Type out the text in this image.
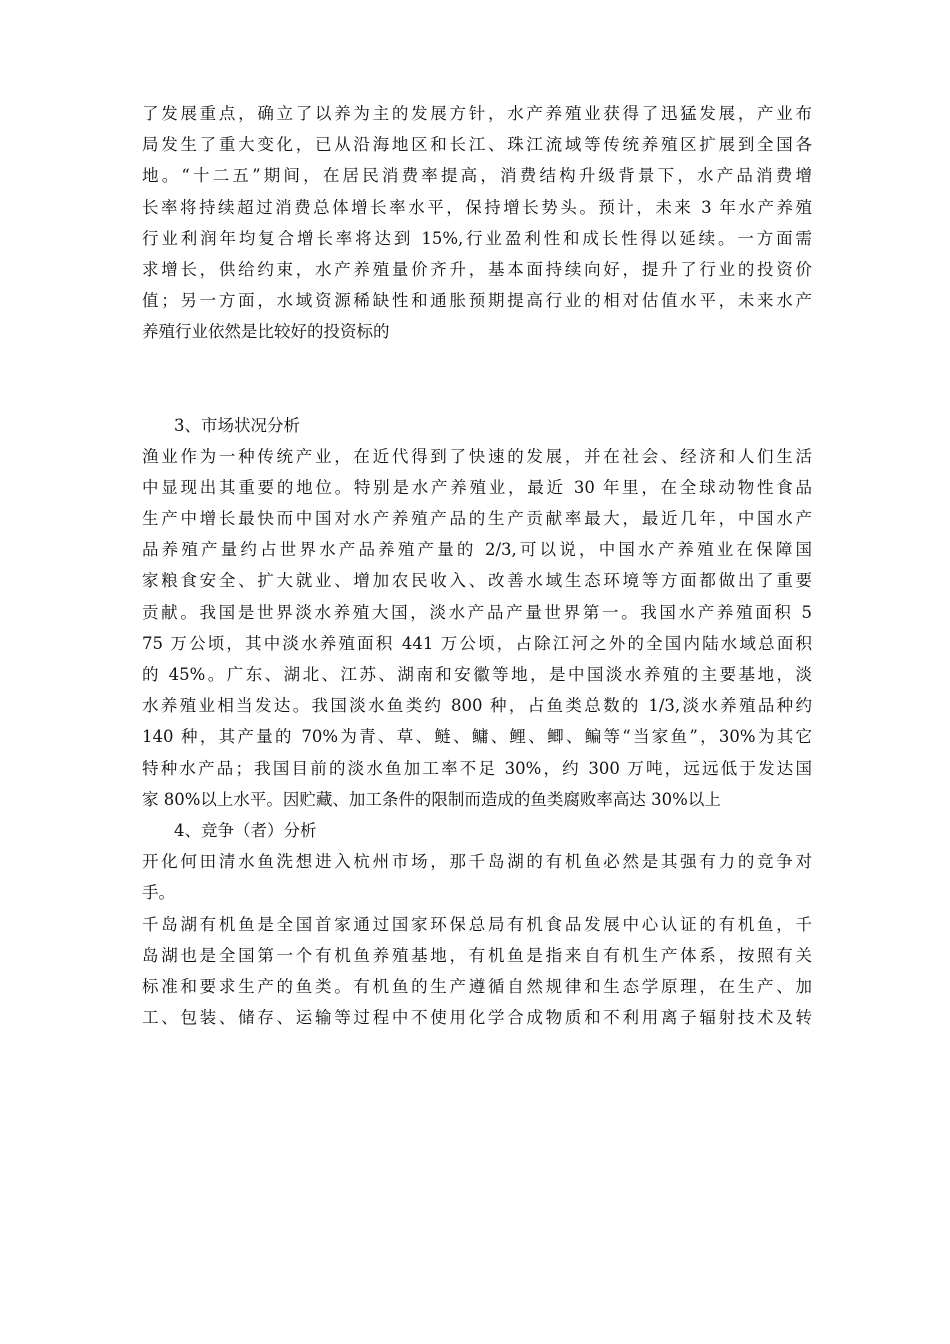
了发展重点，确立了以养为主的发展方针，水产养殖业获得了迅猛发展，产业布
局发生了重大变化，已从沿海地区和长江、珠江流域等传统养殖区扩展到全国各
地。“十二五”期间，在居民消费率提高，消费结构升级背景下，水产品消费增
长率将持续超过消费总体增长率水平，保持增长势头。预计，未来 3 年水产养殖
行业利润年均复合增长率将达到 15%,行业盈利性和成长性得以延续。一方面需
求增长，供给约束，水产养殖量价齐升，基本面持续向好，提升了行业的投资价
值；另一方面，水域资源稀缺性和通胀预期提高行业的相对估值水平，未来水产
养殖行业依然是比较好的投资标的
3、市场状况分析
渔业作为一种传统产业，在近代得到了快速的发展，并在社会、经济和人们生活
中显现出其重要的地位。特别是水产养殖业，最近 30 年里，在全球动物性食品
生产中增长最快而中国对水产养殖产品的生产贡献率最大，最近几年，中国水产
品养殖产量约占世界水产品养殖产量的 2/3,可以说，中国水产养殖业在保障国
家粮食安全、扩大就业、增加农民收入、改善水域生态环境等方面都做出了重要
贡献。我国是世界淡水养殖大国，淡水产品产量世界第一。我国水产养殖面积 5
75 万公顷，其中淡水养殖面积 441 万公顷，占除江河之外的全国内陆水域总面积
的 45%。广东、湖北、江苏、湖南和安徽等地，是中国淡水养殖的主要基地，淡
水养殖业相当发达。我国淡水鱼类约 800 种，占鱼类总数的 1/3,淡水养殖品种约
140 种，其产量的 70%为青、草、鲢、鳙、鲤、鲫、鳊等“当家鱼”，30%为其它
特种水产品；我国目前的淡水鱼加工率不足 30%，约 300 万吨，远远低于发达国
家 80%以上水平。因贮藏、加工条件的限制而造成的鱼类腐败率高达 30%以上
4、竞争（者）分析
开化何田清水鱼洗想进入杭州市场，那千岛湖的有机鱼必然是其强有力的竞争对
手。
千岛湖有机鱼是全国首家通过国家环保总局有机食品发展中心认证的有机鱼，千
岛湖也是全国第一个有机鱼养殖基地，有机鱼是指来自有机生产体系，按照有关
标准和要求生产的鱼类。有机鱼的生产遵循自然规律和生态学原理，在生产、加
工、包装、储存、运输等过程中不使用化学合成物质和不利用离子辐射技术及转
